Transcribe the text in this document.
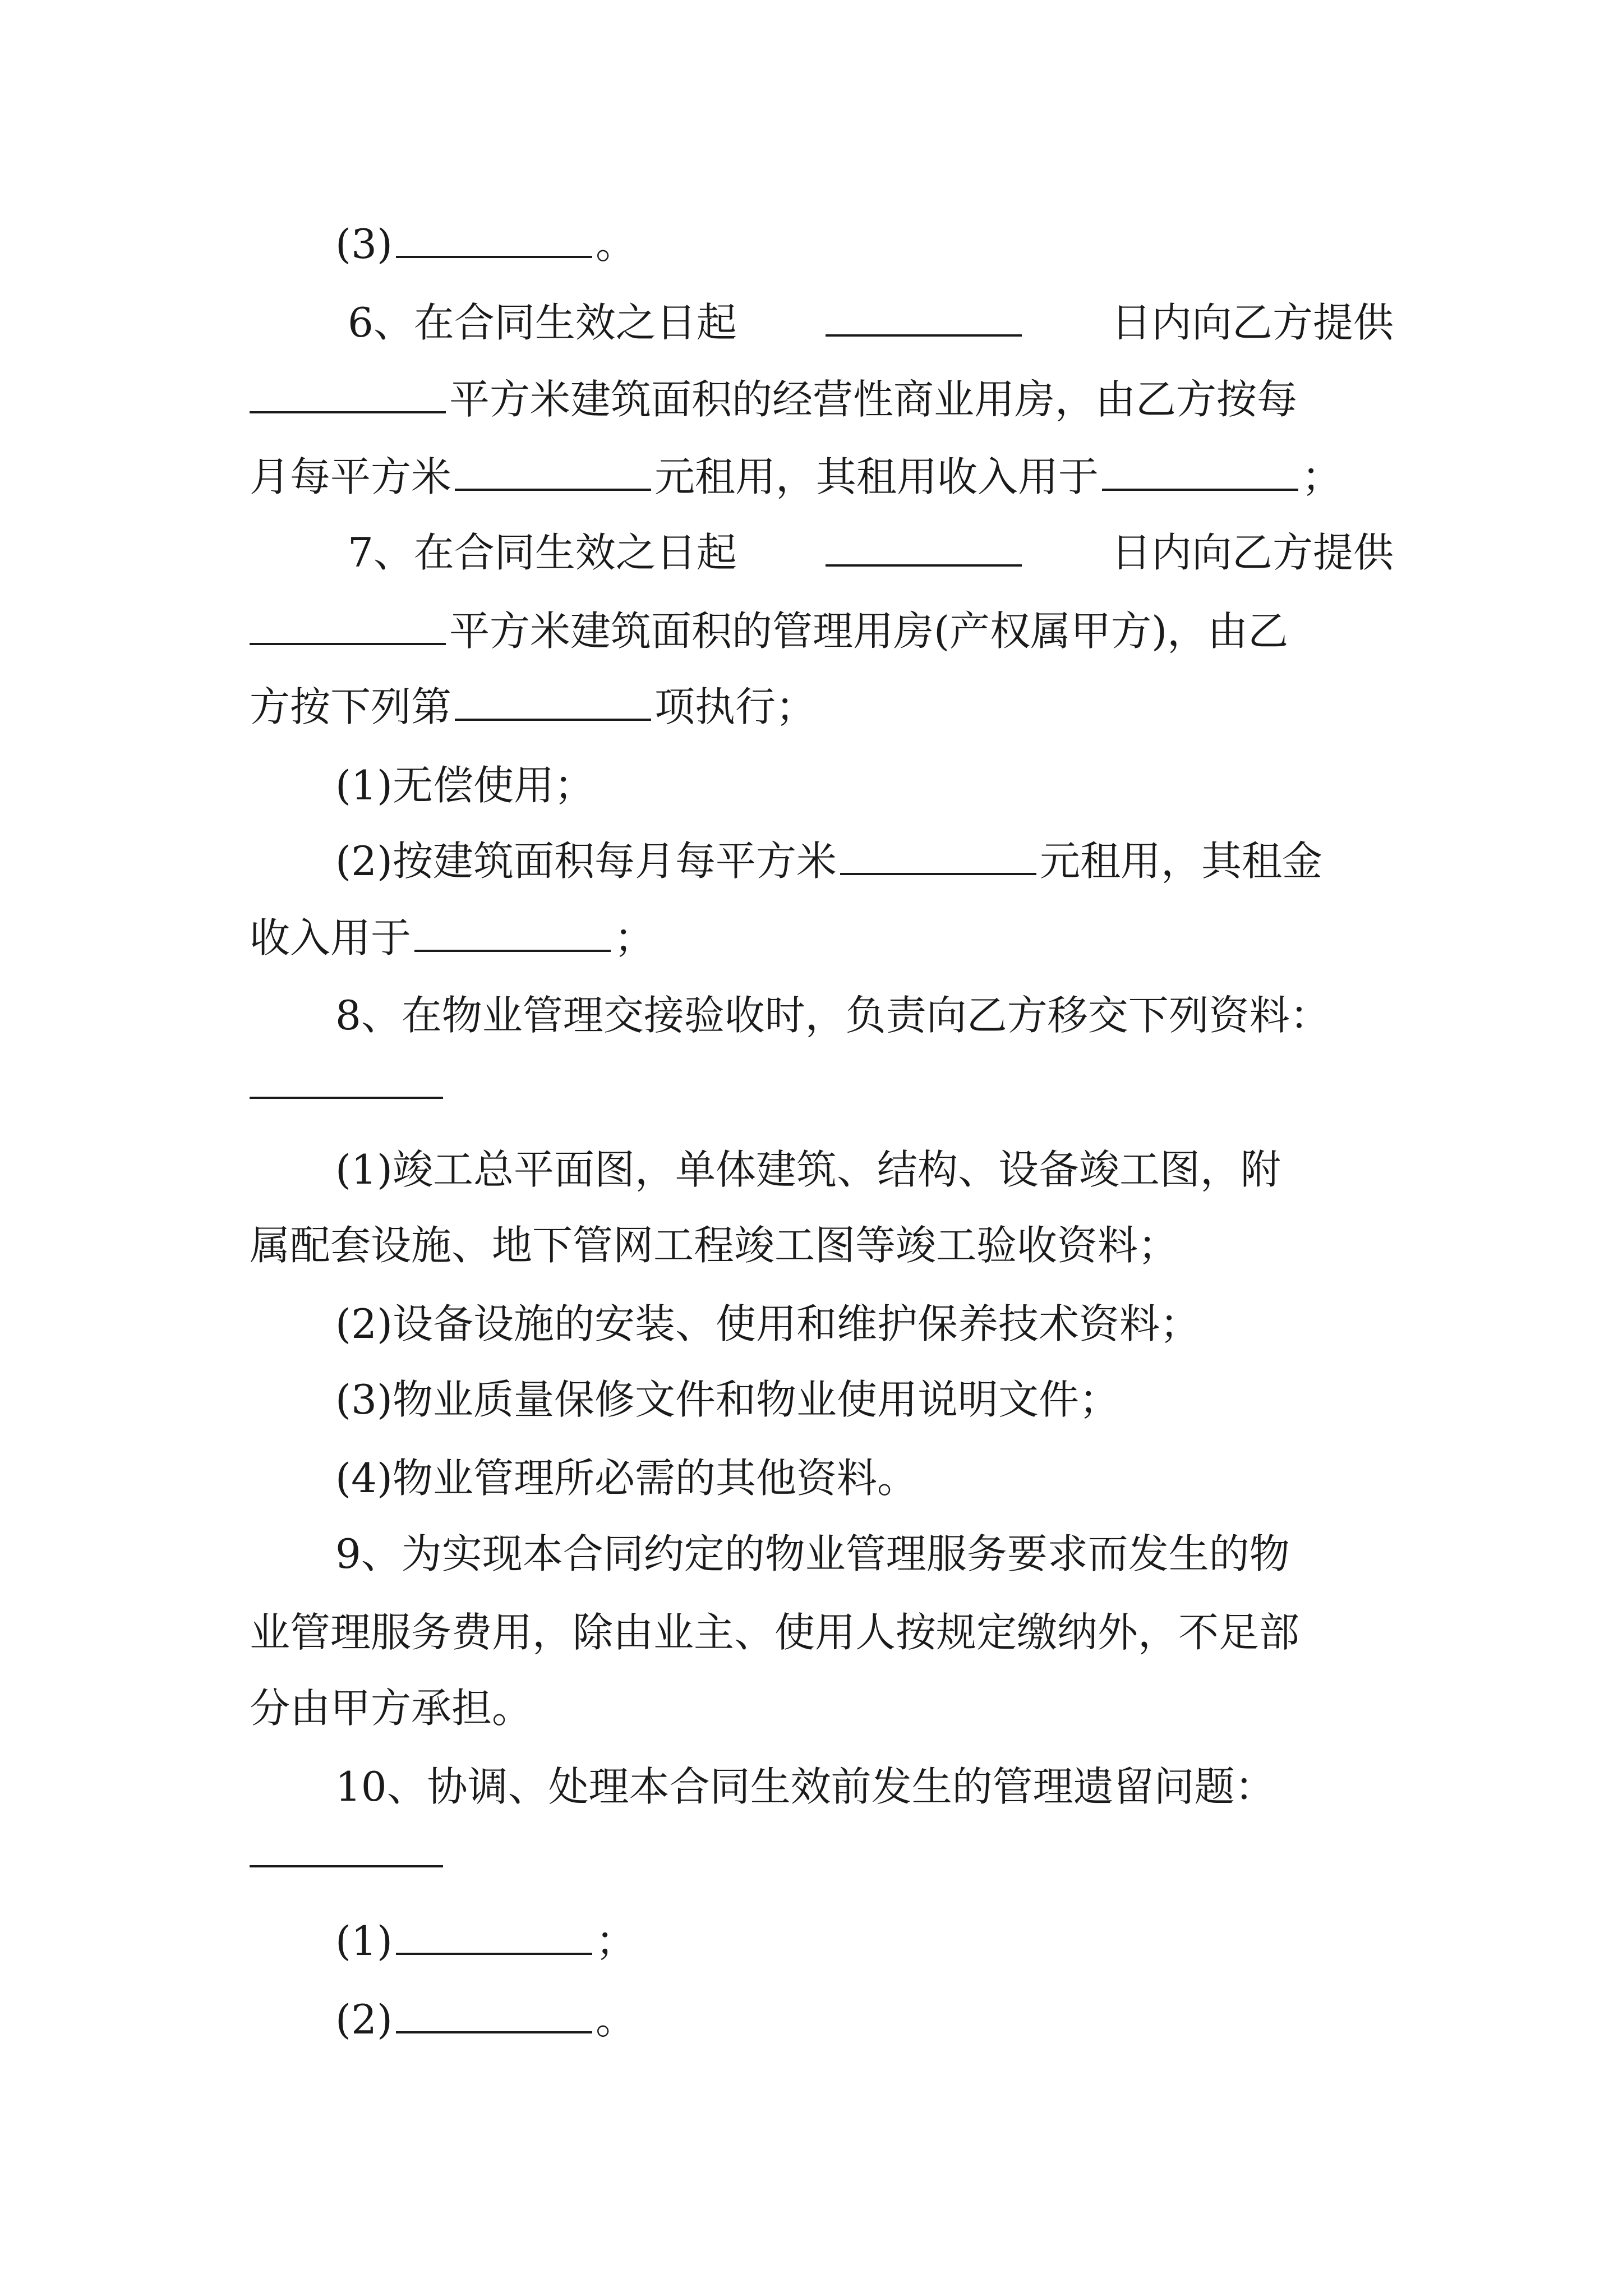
(3)	。
6、在合同生效之日起	日内向乙方提供
平方米建筑面积的经营性商业用房，由乙方按每
月每平方米	元租用，其租用收入用于	；
7、在合同生效之日起	日内向乙方提供
平方米建筑面积的管理用房(产权属甲方)，由乙
方按下列第	项执行；
(1)无偿使用；
(2)按建筑面积每月每平方米	元租用，其租金
收入用于	；
8、在物业管理交接验收时，负责向乙方移交下列资料：
(1)竣工总平面图，单体建筑、结构、设备竣工图，附
属配套设施、地下管网工程竣工图等竣工验收资料；
(2)设备设施的安装、使用和维护保养技术资料；
(3)物业质量保修文件和物业使用说明文件；
(4)物业管理所必需的其他资料。
9、为实现本合同约定的物业管理服务要求而发生的物
业管理服务费用，除由业主、使用人按规定缴纳外，不足部
分由甲方承担。
10、协调、处理本合同生效前发生的管理遗留问题：
(1)	；
(2)	。
